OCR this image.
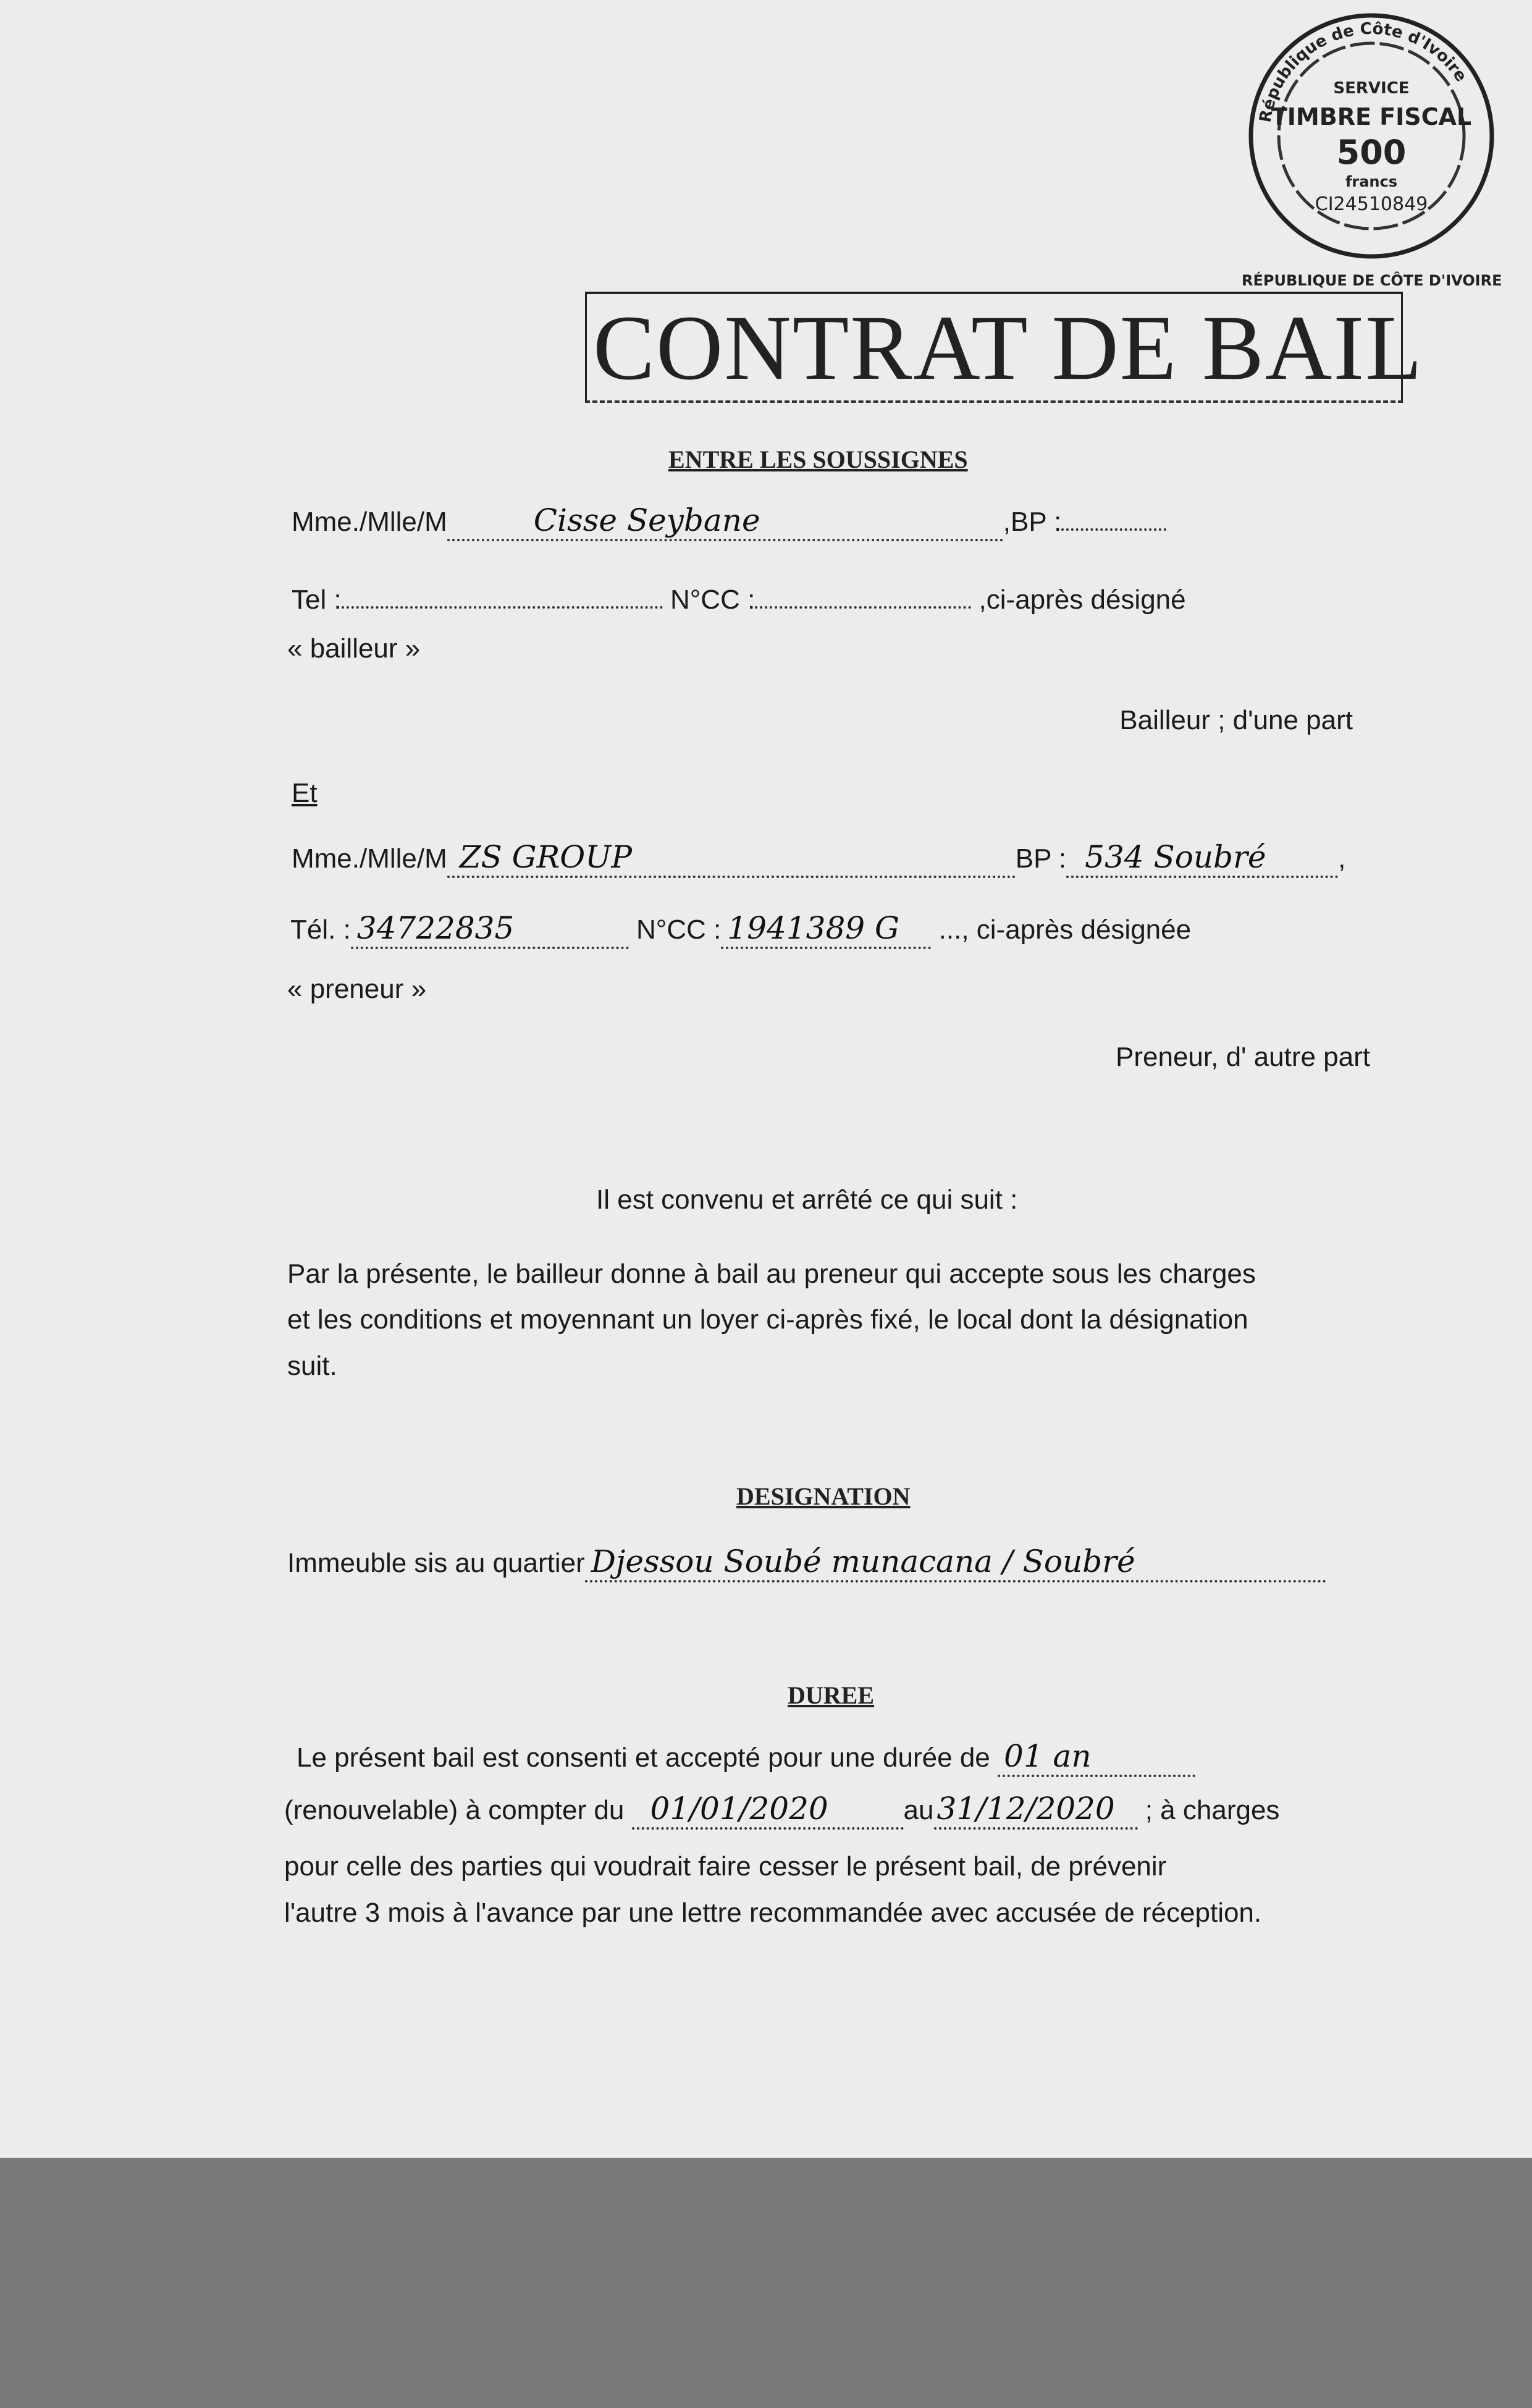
CONTRAT DE BAIL
République de Côte d'Ivoire
SERVICE
TIMBRE FISCAL
500
francs
CI24510849
RÉPUBLIQUE DE CÔTE D'IVOIRE
ENTRE LES SOUSSIGNES
Mme./Mlle/M	Cisse Seybane	,BP :
Tel :	N°CC :	,ci-après désigné
« bailleur »
Bailleur ; d'une part
Et
Mme./Mlle/M ZS GROUP	BP : 534 Soubré	,
Tél. : 34722835	N°CC : 1941389 G ..., ci-après désignée
« preneur »
Preneur, d' autre part
Il est convenu et arrêté ce qui suit :
Par la présente, le bailleur donne à bail au preneur qui accepte sous les charges
et les conditions et moyennant un loyer ci-après fixé, le local dont la désignation
suit.
DESIGNATION
Immeuble sis au quartier Djessou Soubé munacana / Soubré
DUREE
Le présent bail est consenti et accepté pour une durée de 01 an
(renouvelable) à compter du 01/01/2020	au 31/12/2020 ; à charges
pour celle des parties qui voudrait faire cesser le présent bail, de prévenir
l'autre 3 mois à l'avance par une lettre recommandée avec accusée de réception.
